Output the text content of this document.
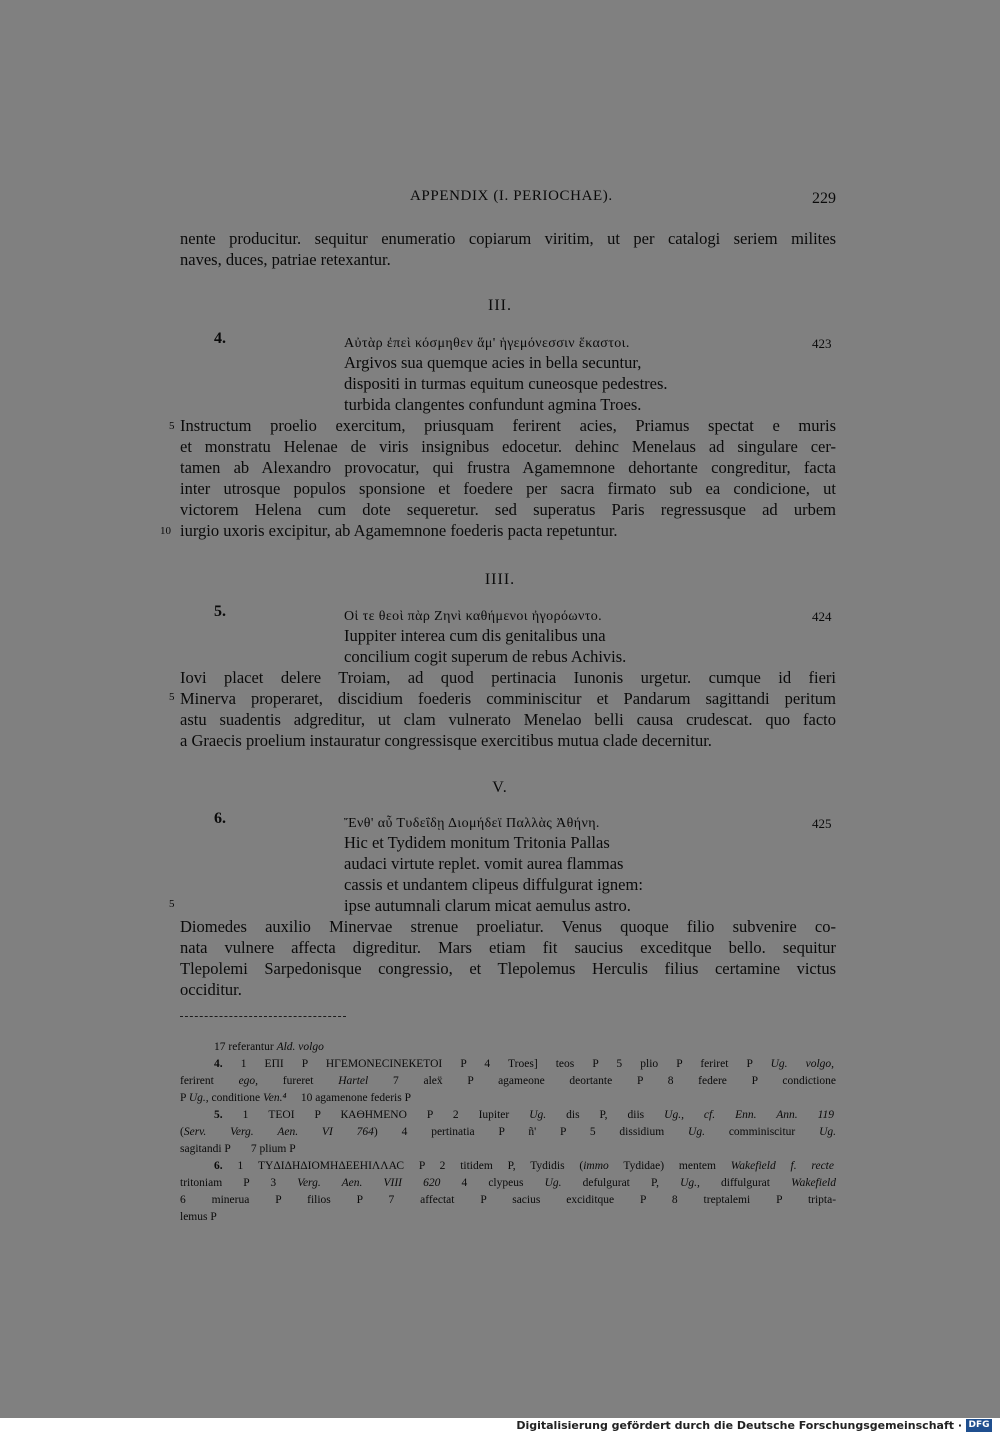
APPENDIX (I. PERIOCHAE).	229
nente producitur. sequitur enumeratio copiarum viritim, ut per catalogi seriem milites
naves, duces, patriae retexantur.
III.
4.	Αὐτὰρ ἐπεὶ κόσμηθεν ἅμ' ἡγεμόνεσσιν ἕκαστοι.	423
Argivos sua quemque acies in bella secuntur,
dispositi in turmas equitum cuneosque pedestres.
turbida clangentes confundunt agmina Troes.
5
10
Instructum proelio exercitum, priusquam ferirent acies, Priamus spectat e muris
et monstratu Helenae de viris insignibus edocetur. dehinc Menelaus ad singulare cer-
tamen ab Alexandro provocatur, qui frustra Agamemnone dehortante congreditur, facta
inter utrosque populos sponsione et foedere per sacra firmato sub ea condicione, ut
victorem Helena cum dote sequeretur. sed superatus Paris regressusque ad urbem
iurgio uxoris excipitur, ab Agamemnone foederis pacta repetuntur.
IIII.
5.	Οἱ τε θεοὶ πὰρ Ζηνὶ καθήμενοι ἠγορόωντο.	424
Iuppiter interea cum dis genitalibus una
concilium cogit superum de rebus Achivis.
5
Iovi placet delere Troiam, ad quod pertinacia Iunonis urgetur. cumque id fieri
Minerva properaret, discidium foederis comminiscitur et Pandarum sagittandi peritum
astu suadentis adgreditur, ut clam vulnerato Menelao belli causa crudescat. quo facto
a Graecis proelium instauratur congressisque exercitibus mutua clade decernitur.
V.
6.	Ἔνθ' αὖ Τυδεΐδῃ Διομήδεϊ Παλλὰς Ἀθήνη.	425
Hic et Tydidem monitum Tritonia Pallas
audaci virtute replet. vomit aurea flammas
cassis et undantem clipeus diffulgurat ignem:
ipse autumnali clarum micat aemulus astro.
5
Diomedes auxilio Minervae strenue proeliatur. Venus quoque filio subvenire co-
nata vulnere affecta digreditur. Mars etiam fit saucius exceditque bello. sequitur
Tlepolemi Sarpedonisque congressio, et Tlepolemus Herculis filius certamine victus
occiditur.
17 referantur Ald. volgo
4. 1 ЕПІ P НГЕМОNЕСІNЕКЕТОІ P 4 Troes] teos P 5 plio P feriret P Ug. volgo,
ferirent ego, fureret Hartel 7 aleẍ P agameone deortante P 8 federe P condictione
P Ug., conditione Ven.⁴ 10 agamenone federis P
5. 1 ТЕОІ P КАӨНМЕNО P 2 Iupiter Ug. dis P, diis Ug., cf. Enn. Ann. 119
(Serv. Verg. Aen. VI 764) 4 pertinatia P ñ' P 5 dissidium Ug. comminiscitur Ug.
sagitandi P 7 plium P
6. 1 ТҮΔІΔНΔІОМНΔЕЕНІΛΛАС P 2 titidem P, Tydidis (immo Tydidae) mentem Wakefield f. recte
tritoniam P 3 Verg. Aen. VIII 620 4 clypeus Ug. defulgurat P, Ug., diffulgurat Wakefield
6 minerua P filios P 7 affectat P sacius exciditque P 8 treptalemi P tripta-
lemus P
Digitalisierung gefördert durch die Deutsche Forschungsgemeinschaft · DFG
